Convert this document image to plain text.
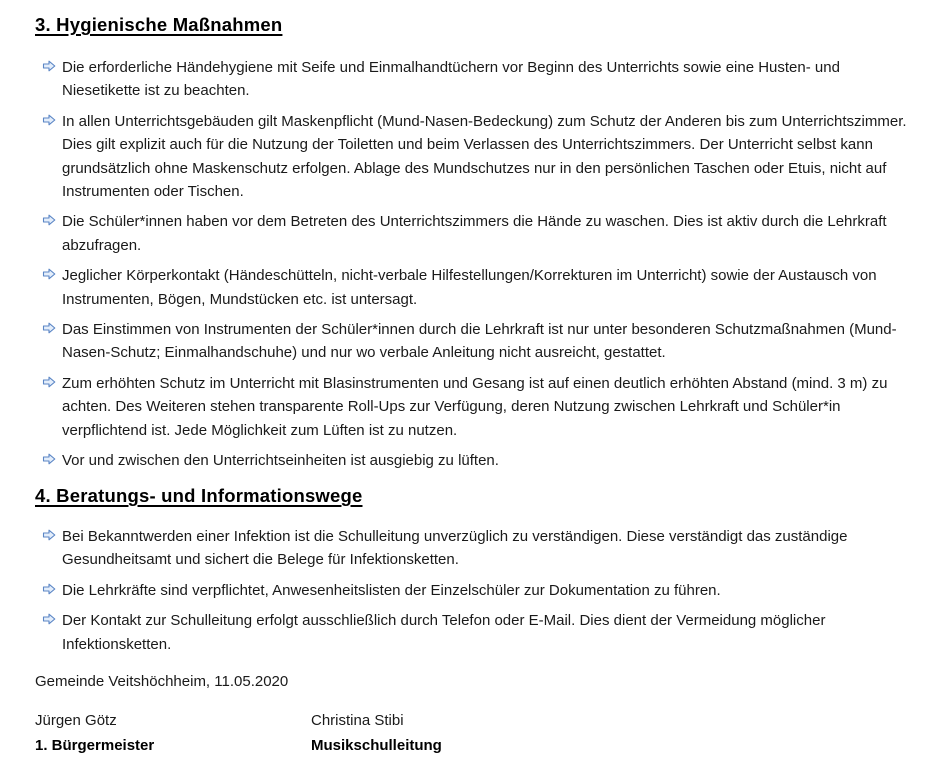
3. Hygienische Maßnahmen
Die erforderliche Händehygiene mit Seife und Einmalhandtüchern vor Beginn des Unterrichts sowie eine Husten- und Niesetikette ist zu beachten.
In allen Unterrichtsgebäuden gilt Maskenpflicht (Mund-Nasen-Bedeckung) zum Schutz der Anderen bis zum Unterrichtszimmer. Dies gilt explizit auch für die Nutzung der Toiletten und beim Verlassen des Unterrichtszimmers. Der Unterricht selbst kann grundsätzlich ohne Maskenschutz erfolgen. Ablage des Mundschutzes nur in den persönlichen Taschen oder Etuis, nicht auf Instrumenten oder Tischen.
Die Schüler*innen haben vor dem Betreten des Unterrichtszimmers die Hände zu waschen. Dies ist aktiv durch die Lehrkraft abzufragen.
Jeglicher Körperkontakt (Händeschütteln, nicht-verbale Hilfestellungen/Korrekturen im Unterricht) sowie der Austausch von Instrumenten, Bögen, Mundstücken etc. ist untersagt.
Das Einstimmen von Instrumenten der Schüler*innen durch die Lehrkraft ist nur unter besonderen Schutzmaßnahmen (Mund-Nasen-Schutz; Einmalhandschuhe) und nur wo verbale Anleitung nicht ausreicht, gestattet.
Zum erhöhten Schutz im Unterricht mit Blasinstrumenten und Gesang ist auf einen deutlich erhöhten Abstand (mind. 3 m) zu achten. Des Weiteren stehen transparente Roll-Ups zur Verfügung, deren Nutzung zwischen Lehrkraft und Schüler*in verpflichtend ist. Jede Möglichkeit zum Lüften ist zu nutzen.
Vor und zwischen den Unterrichtseinheiten ist ausgiebig zu lüften.
4. Beratungs- und Informationswege
Bei Bekanntwerden einer Infektion ist die Schulleitung unverzüglich zu verständigen. Diese verständigt das zuständige Gesundheitsamt und sichert die Belege für Infektionsketten.
Die Lehrkräfte sind verpflichtet, Anwesenheitslisten der Einzelschüler zur Dokumentation zu führen.
Der Kontakt zur Schulleitung erfolgt ausschließlich durch Telefon oder E-Mail. Dies dient der Vermeidung möglicher Infektionsketten.

Gemeinde Veitshöchheim, 11.05.2020

Jürgen Götz

1. Bürgermeister

Christina Stibi

Musikschulleitung
